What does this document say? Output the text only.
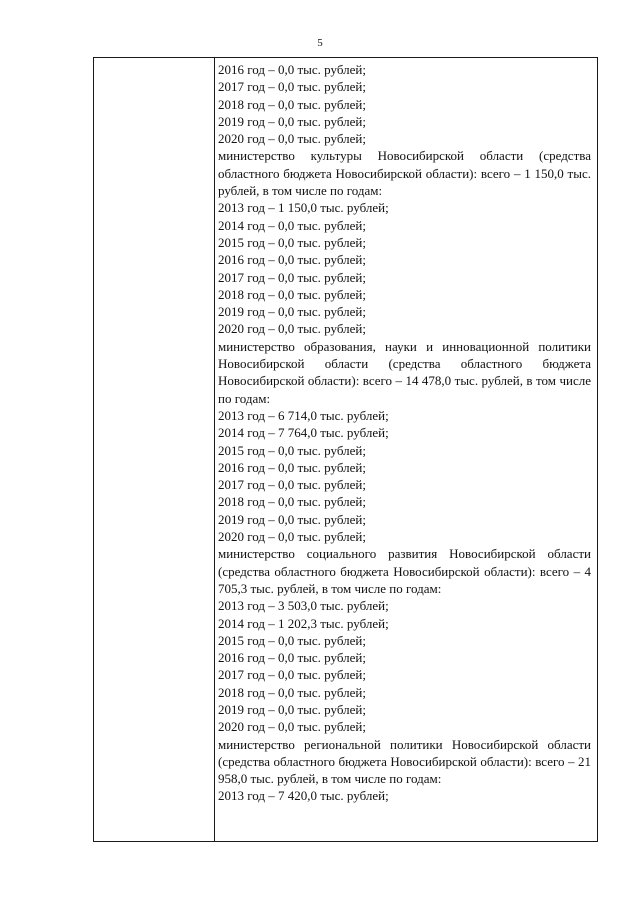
5

2016 год – 0,0 тыс. рублей;

2017 год – 0,0 тыс. рублей;

2018 год – 0,0 тыс. рублей;

2019 год – 0,0 тыс. рублей;

2020 год – 0,0 тыс. рублей;

министерство культуры Новосибирской области (средства областного бюджета Новосибирской области): всего – 1 150,0 тыс. рублей, в том числе по годам:

2013 год – 1 150,0 тыс. рублей;

2014 год – 0,0 тыс. рублей;

2015 год – 0,0 тыс. рублей;

2016 год – 0,0 тыс. рублей;

2017 год – 0,0 тыс. рублей;

2018 год – 0,0 тыс. рублей;

2019 год – 0,0 тыс. рублей;

2020 год – 0,0 тыс. рублей;

министерство образования, науки и инновационной политики Новосибирской области (средства областного бюджета Новосибирской области): всего – 14 478,0 тыс. рублей, в том числе по годам:

2013 год – 6 714,0 тыс. рублей;

2014 год – 7 764,0 тыс. рублей;

2015 год – 0,0 тыс. рублей;

2016 год – 0,0 тыс. рублей;

2017 год – 0,0 тыс. рублей;

2018 год – 0,0 тыс. рублей;

2019 год – 0,0 тыс. рублей;

2020 год – 0,0 тыс. рублей;

министерство социального развития Новосибирской области (средства областного бюджета Новосибирской области): всего – 4 705,3 тыс. рублей, в том числе по годам:

2013 год – 3 503,0 тыс. рублей;

2014 год – 1 202,3 тыс. рублей;

2015 год – 0,0 тыс. рублей;

2016 год – 0,0 тыс. рублей;

2017 год – 0,0 тыс. рублей;

2018 год – 0,0 тыс. рублей;

2019 год – 0,0 тыс. рублей;

2020 год – 0,0 тыс. рублей;

министерство региональной политики Новосибирской области (средства областного бюджета Новосибирской области): всего – 21 958,0 тыс. рублей, в том числе по годам:

2013 год – 7 420,0 тыс. рублей;
